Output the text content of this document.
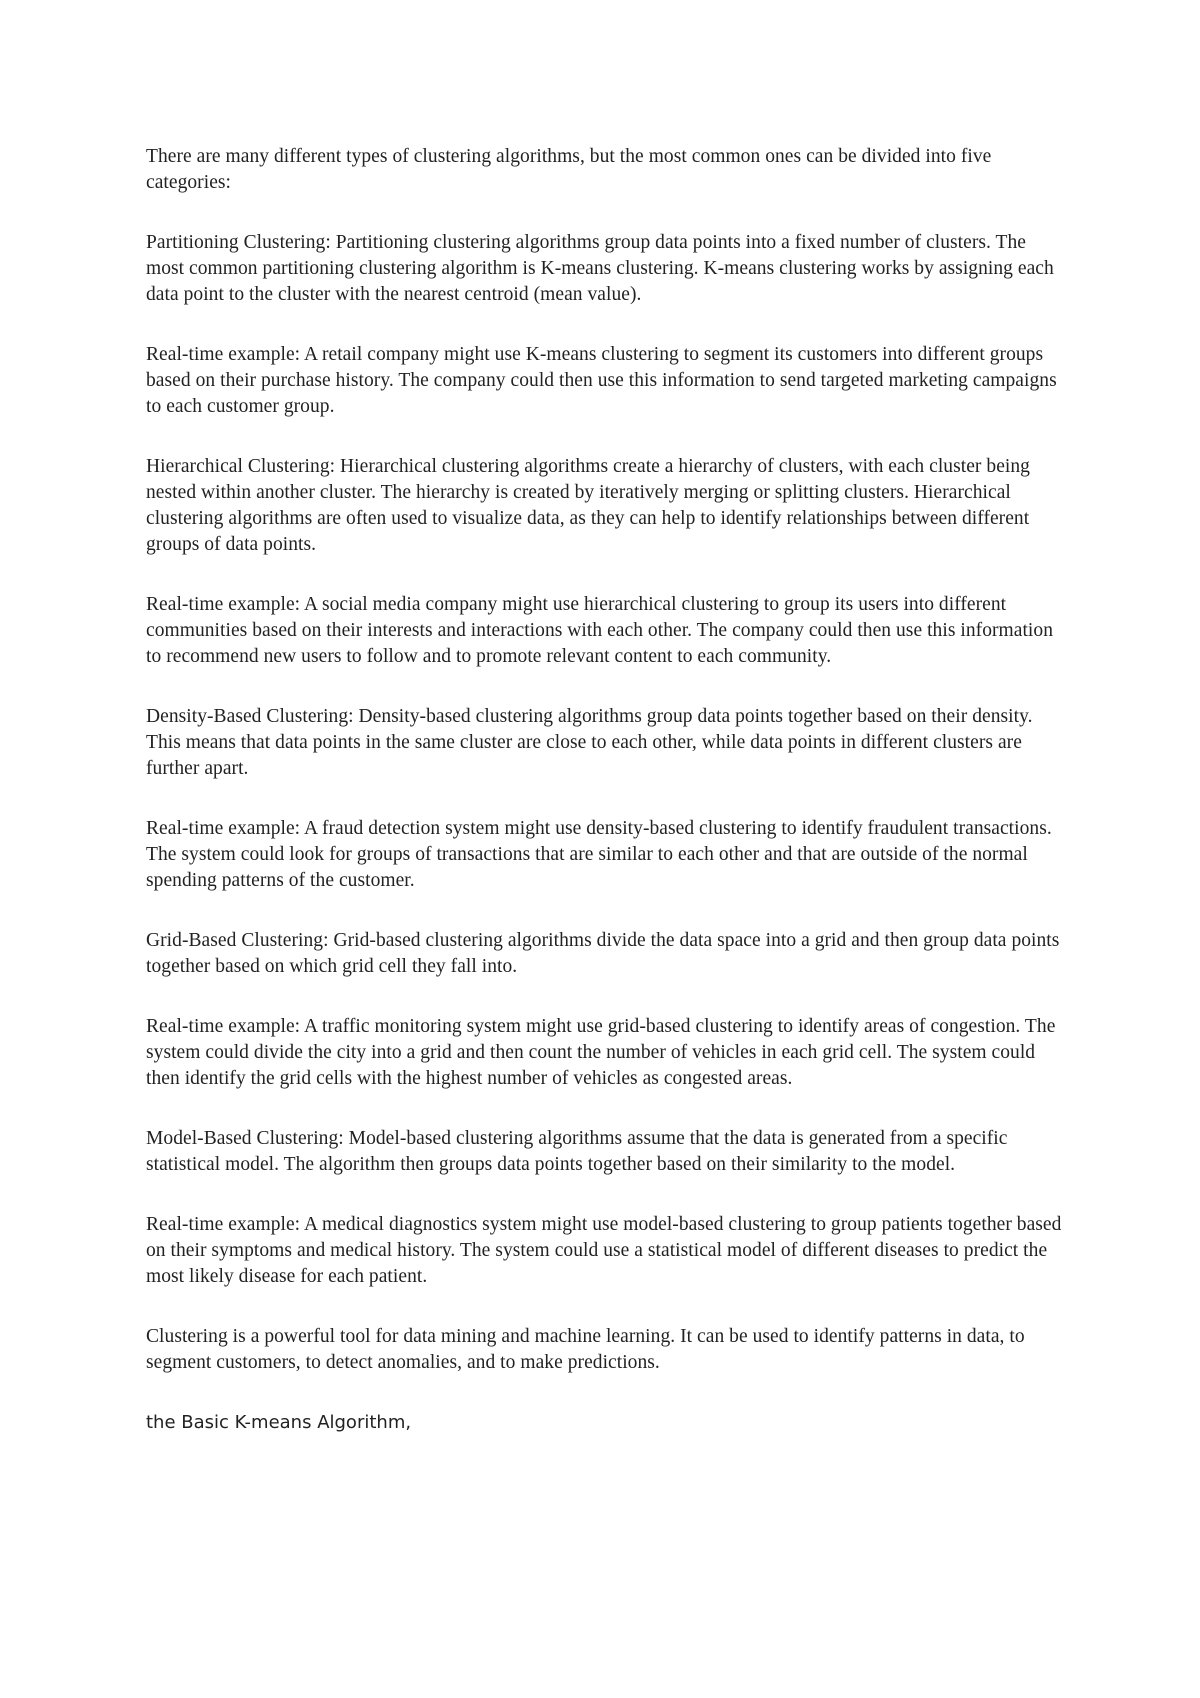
There are many different types of clustering algorithms, but the most common ones can be divided into five categories:

Partitioning Clustering: Partitioning clustering algorithms group data points into a fixed number of clusters. The most common partitioning clustering algorithm is K-means clustering. K-means clustering works by assigning each data point to the cluster with the nearest centroid (mean value).

Real-time example: A retail company might use K-means clustering to segment its customers into different groups based on their purchase history. The company could then use this information to send targeted marketing campaigns to each customer group.

Hierarchical Clustering: Hierarchical clustering algorithms create a hierarchy of clusters, with each cluster being nested within another cluster. The hierarchy is created by iteratively merging or splitting clusters. Hierarchical clustering algorithms are often used to visualize data, as they can help to identify relationships between different groups of data points.

Real-time example: A social media company might use hierarchical clustering to group its users into different communities based on their interests and interactions with each other. The company could then use this information to recommend new users to follow and to promote relevant content to each community.

Density-Based Clustering: Density-based clustering algorithms group data points together based on their density. This means that data points in the same cluster are close to each other, while data points in different clusters are further apart.

Real-time example: A fraud detection system might use density-based clustering to identify fraudulent transactions. The system could look for groups of transactions that are similar to each other and that are outside of the normal spending patterns of the customer.

Grid-Based Clustering: Grid-based clustering algorithms divide the data space into a grid and then group data points together based on which grid cell they fall into.

Real-time example: A traffic monitoring system might use grid-based clustering to identify areas of congestion. The system could divide the city into a grid and then count the number of vehicles in each grid cell. The system could then identify the grid cells with the highest number of vehicles as congested areas.

Model-Based Clustering: Model-based clustering algorithms assume that the data is generated from a specific statistical model. The algorithm then groups data points together based on their similarity to the model.

Real-time example: A medical diagnostics system might use model-based clustering to group patients together based on their symptoms and medical history. The system could use a statistical model of different diseases to predict the most likely disease for each patient.

Clustering is a powerful tool for data mining and machine learning. It can be used to identify patterns in data, to segment customers, to detect anomalies, and to make predictions.

the Basic K-means Algorithm,
